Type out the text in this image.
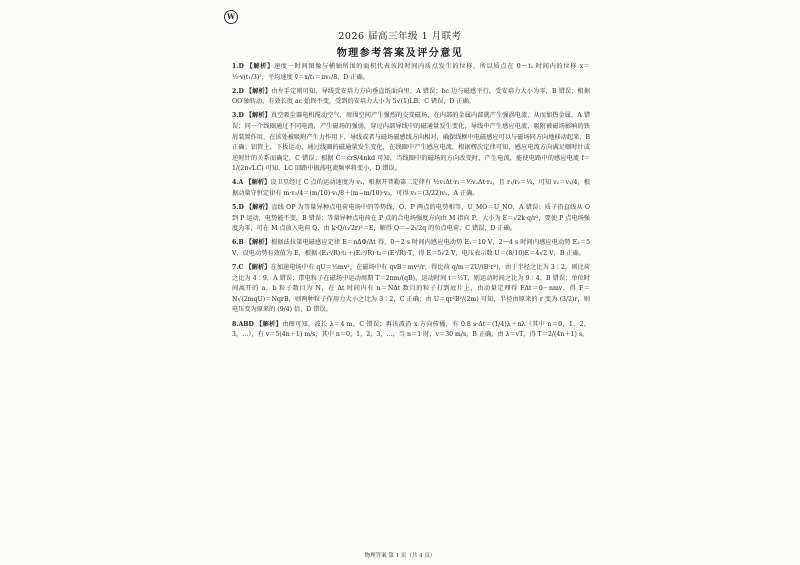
W
2026 届高三年级 1 月联考
物理参考答案及评分意见

1.D 【解析】速度一时间图像与横轴所围的面积代表该段时间内质点发生的位移，所以质点在 0～t₁ 时间内的位移 x＝½·v(t₁/3)²，平均速度 v̄＝x/t₁＝πv₁/8，D 正确。

2.D 【解析】由左手定则可知，导线受安培力方向垂直纸面向里，A 错误；bc 边与磁感平行，受安培力大小为零，B 错误；根据 OO′轴转动，有效长度 ac 始终不变，受到的安培力大小为 5√(1)LB，C 错误，D 正确。

3.D 【解析】真空吸尘器电机搅动空气，周围空间产生强烈的交变磁场，在内部的金属内部就产生强涡电流，从而加热金属，A 错误；同一个线圈通过不同电流，产生磁场的强弱，穿过内部导线中的磁通量发生变化，导线中产生感应电流，吸附被磁场影响的铁屑装置作用，在该处被吸附产生力作用下，导线或者与磁场磁感线方向相对，确保线框中电磁感应可以与磁场同方向地移动起来，B 正确；铝管上，下板运动，通过线圈的磁通量发生变化，在线圈中产生感应电流，根据楞次定律可知，感应电流方向满足顺时针或逆时针的关系而确定，C 错误；根据 C＝εrS/4πkd 可知，当线圈中的磁场的方向改变时，产生电流，能使电路中的感应电流 f＝1/(2π√LC) 可知，LC 回路中振荡电流频率将变小，D 错误。

4.A 【解析】设卫星经过 C 点的运动速度为 v₁，根据开普勒第二定律有 ½v₁Δt·r₁＝½v₂Δt·r₂，且 r₁/r₂＝¼，可知 v₂＝v₁/4，根据动量守恒定律有 m·v₁/4＝(m/10)·v₁/8＋(m−m/10)·v₃，可得 v₃＝(3/22)v₁，A 正确。

5.D 【解析】直线 OP 为等量异种点电荷电场中的等势线，O、P 两点的电势相等，U_MO＝U_NO，A 错误；质子沿直线从 O 到 P 运动，电势能不变，B 错误；等量异种点电荷在 P 点的合电场强度方向由 M 指向 P，大小为 E＝√2k·q/r²，要使 P 点电场强度为零，可在 M 点放入电荷 Q，由 k·Q/(√2r)²＝E，解得 Q＝−2√2q 的负点电荷，C 错误，D 正确。

6.B 【解析】根据法拉第电磁感应定律 E＝nΔΦ/Δt 得，0～2 s 时间内感应电动势 E₁＝10 V，2～4 s 时间内感应电动势 E₂＝5 V，设电动势有效值为 E，根据 (E₁²/R)·t₁＋(E₂²/R)·t₂＝(E²/R)·T，得 E＝5√2 V，电压表示数 U＝(8/10)E＝4√2 V，B 正确。

7.C 【解析】在加速电场中有 qU＝½mv²，在磁场中有 qvB＝mv²/r，得比荷 q/m＝2U/(B²r²)，由于半径之比为 3∶2，则比荷之比为 4∶9，A 错误；带电粒子在磁场中运动周期 T＝2πm/(qB)，运动时间 t＝½T，则运动时间之比为 9∶4，B 错误；单位时间离开的 a、b 粒子数目为 N，在 Δt 时间内有 n＝NΔt 数目的粒子打到底片上，由动量定理得 FΔt＝0－nmv，得 F＝N√(2mqU)＝NqrB，则两种粒子作用力大小之比为 3∶2，C 正确；由 U＝qr²B²/(2m) 可知，半径由原来的 r 变为 (3/2)r，则电压变为原来的 (9/4) 倍，D 错误。

8.ABD 【解析】由图可知，波长 λ＝4 m，C 错误；再该波沿 x 方向传播，有 0.8 s·Δt＝(1/4)λ＋nλ（其中 n＝0，1，2，3，…），有 v＝5(4n＋1) m/s，其中 n＝0，1，2，3，…，当 n＝1 时，v＝30 m/s，B 正确，由 λ＝vT，得 T＝2/(4n＋1) s。

物理答案 第 1 页（共 4 页）
